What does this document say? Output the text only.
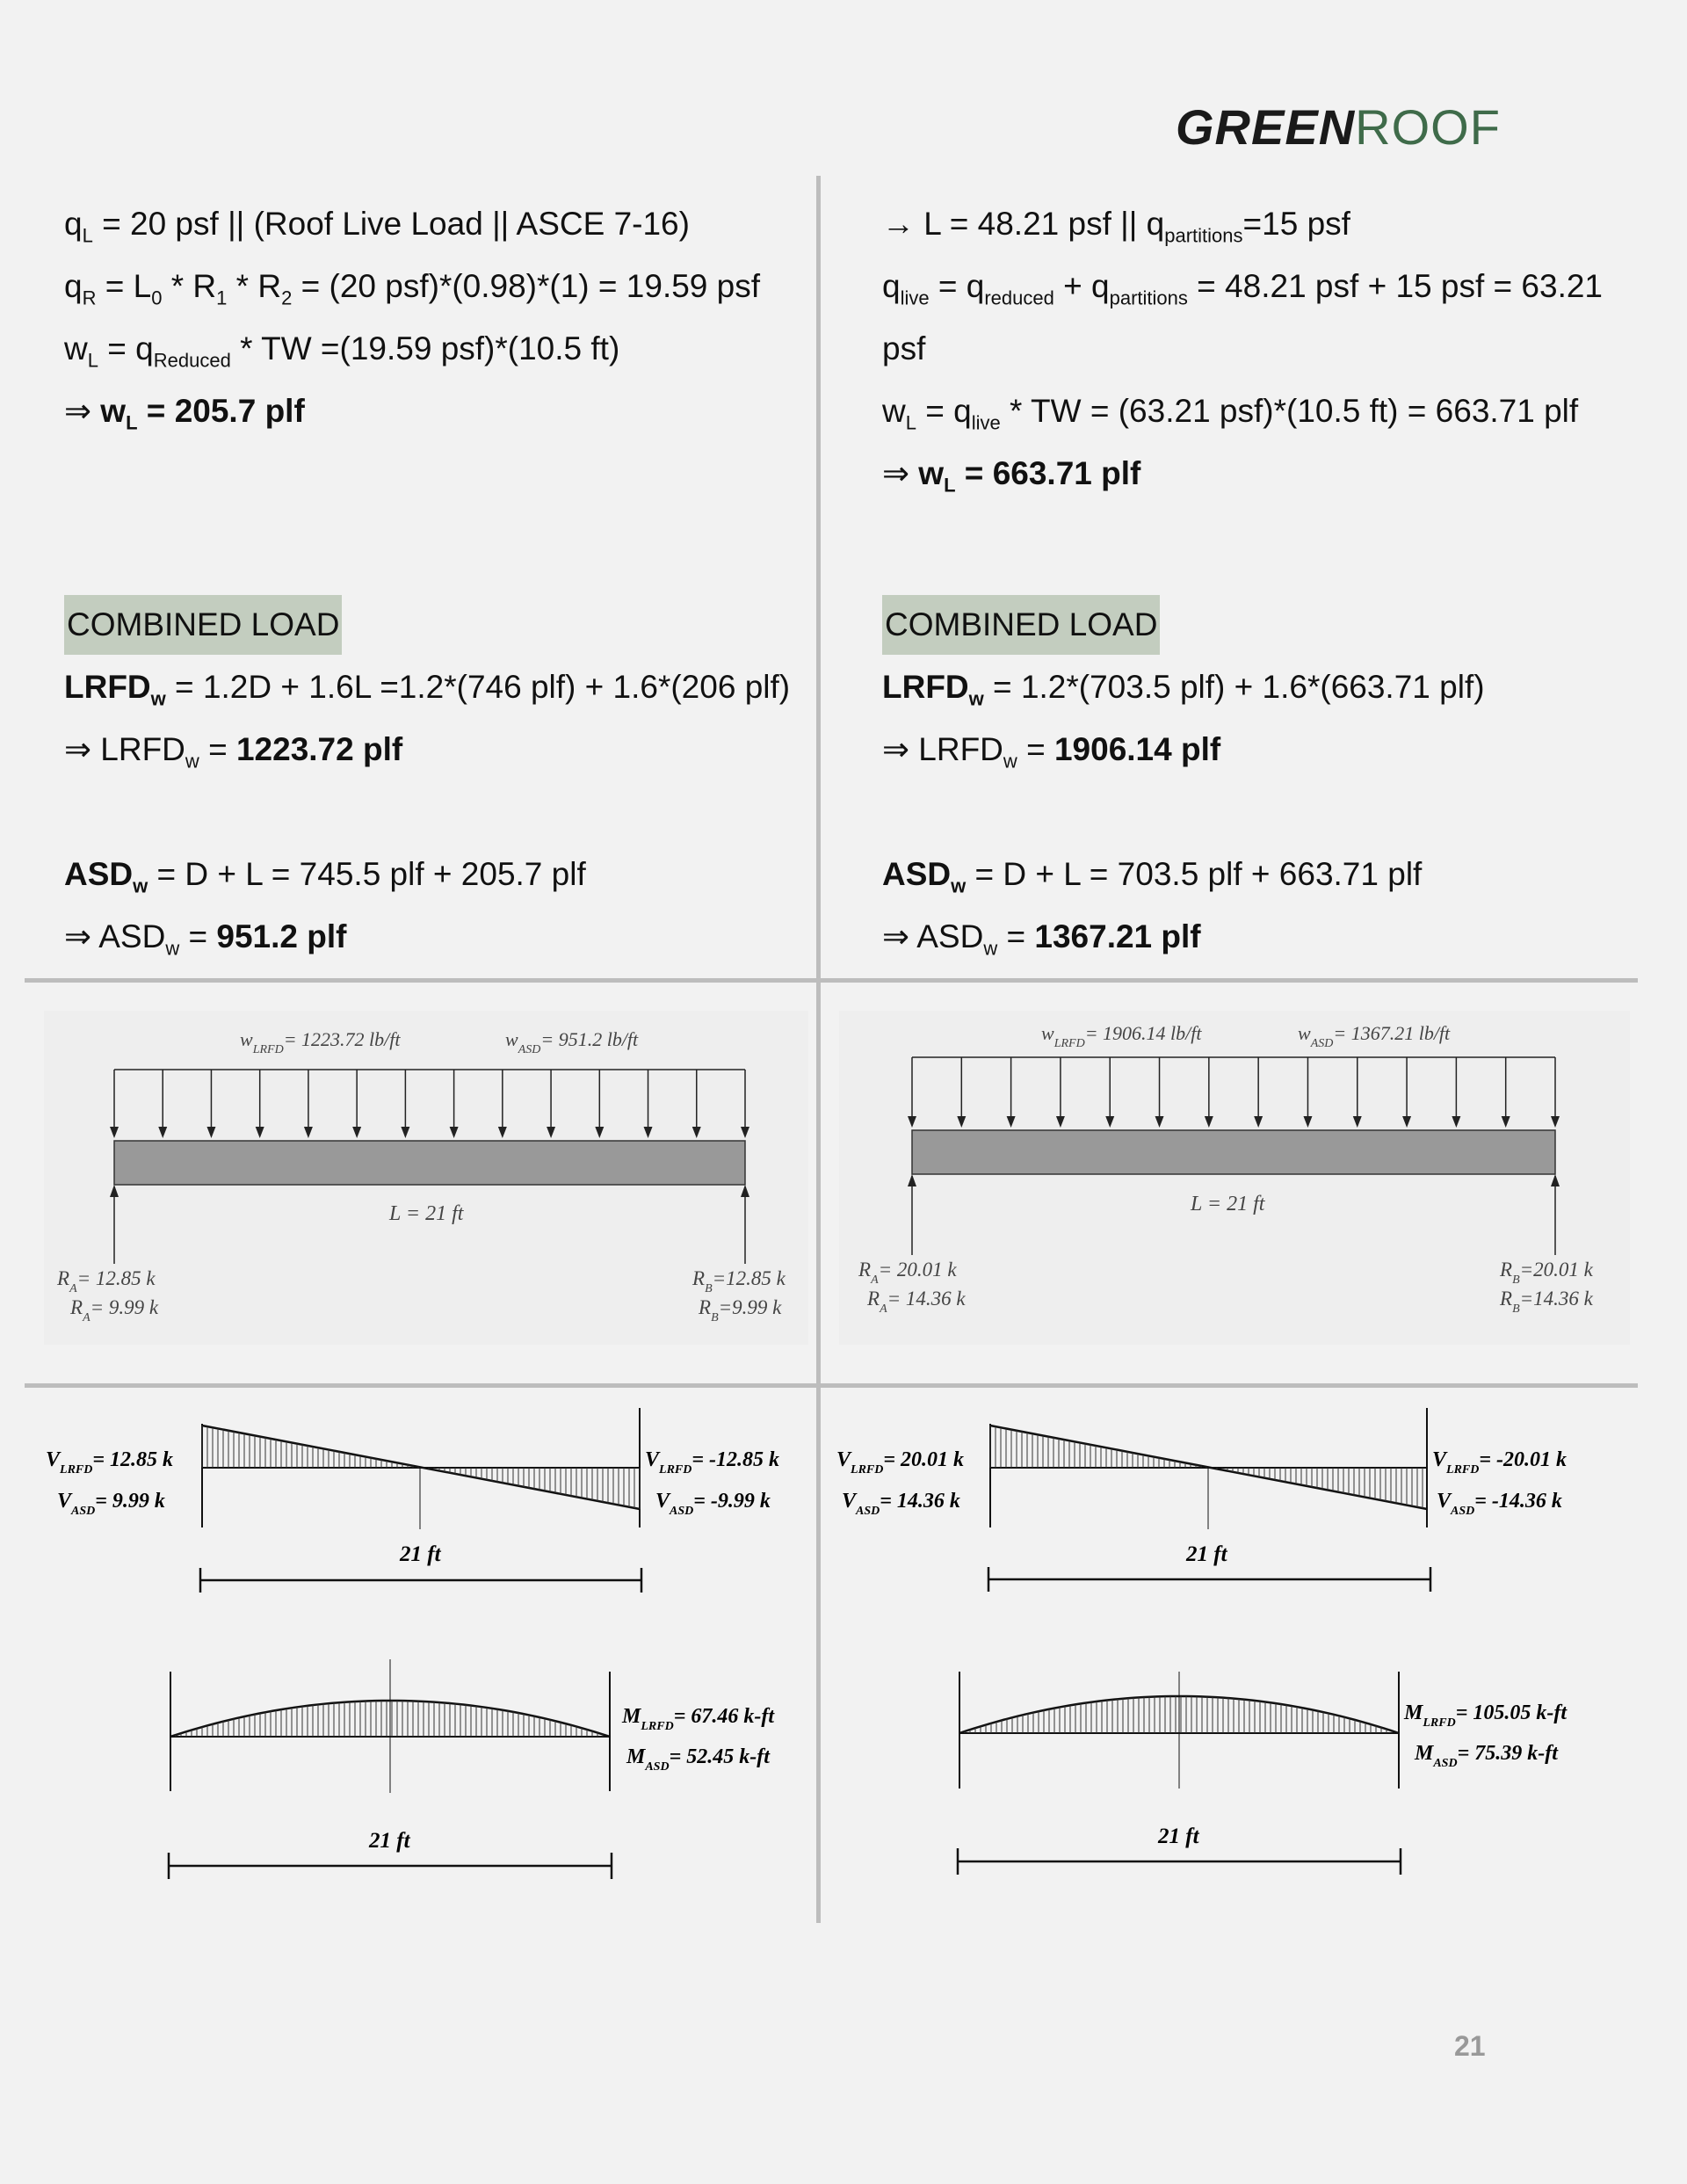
GREENROOF
$q_L = 20$ psf || (Roof Live Load || ASCE 7-16)
$q_R = L_0 * R_1 * R_2 = (20$ psf)*(0.98)*(1) = 19.59 psf
$w_L = q_{Reduced}$ * TW =(19.59 psf)*(10.5 ft)
⇒ $w_L = 205.7$ plf
COMBINED LOAD
$LRFD_w = 1.2D + 1.6L =1.2*(746$ plf) + 1.6*(206 plf)
⇒ $LRFD_w = 1223.72$ plf

$ASD_w = D + L = 745.5$ plf + 205.7 plf
⇒ $ASD_w = 951.2$ plf
→ L = 48.21 psf || $q_{partitions}=15$ psf
$q_{live} = q_{reduced} + q_{partitions} = 48.21$ psf + 15 psf = 63.21
psf
$w_L = q_{live}$ * TW = (63.21 psf)*(10.5 ft) = 663.71 plf
⇒ $w_L = 663.71$ plf
COMBINED LOAD
$LRFD_w = 1.2*(703.5$ plf) + 1.6*(663.71 plf)
⇒ $LRFD_w = 1906.14$ plf

$ASD_w = D + L = 703.5$ plf + 663.71 plf
⇒ $ASD_w = 1367.21$ plf
$w_{LRFD}= 1223.72$ lb/ft	$w_{ASD}= 951.2$ lb/ft
L = 21 ft
$R_A= 12.85$ k
$R_A= 9.99$ k
$R_B=12.85$ k
$R_B=9.99$ k
$w_{LRFD}= 1906.14$ lb/ft	$w_{ASD}= 1367.21$ lb/ft
L = 21 ft
$R_A= 20.01$ k
$R_A= 14.36$ k
$R_B=20.01$ k
$R_B=14.36$ k
$V_{LRFD}= 12.85$ k
$V_{ASD}= 9.99$ k
$V_{LRFD}= -12.85$ k
$V_{ASD}= -9.99$ k
21 ft
$M_{LRFD}= 67.46$ k-ft
$M_{ASD}= 52.45$ k-ft
21 ft
$V_{LRFD}= 20.01$ k
$V_{ASD}= 14.36$ k
$V_{LRFD}= -20.01$ k
$V_{ASD}= -14.36$ k
21 ft
$M_{LRFD}= 105.05$ k-ft
$M_{ASD}= 75.39$ k-ft
21 ft
21
